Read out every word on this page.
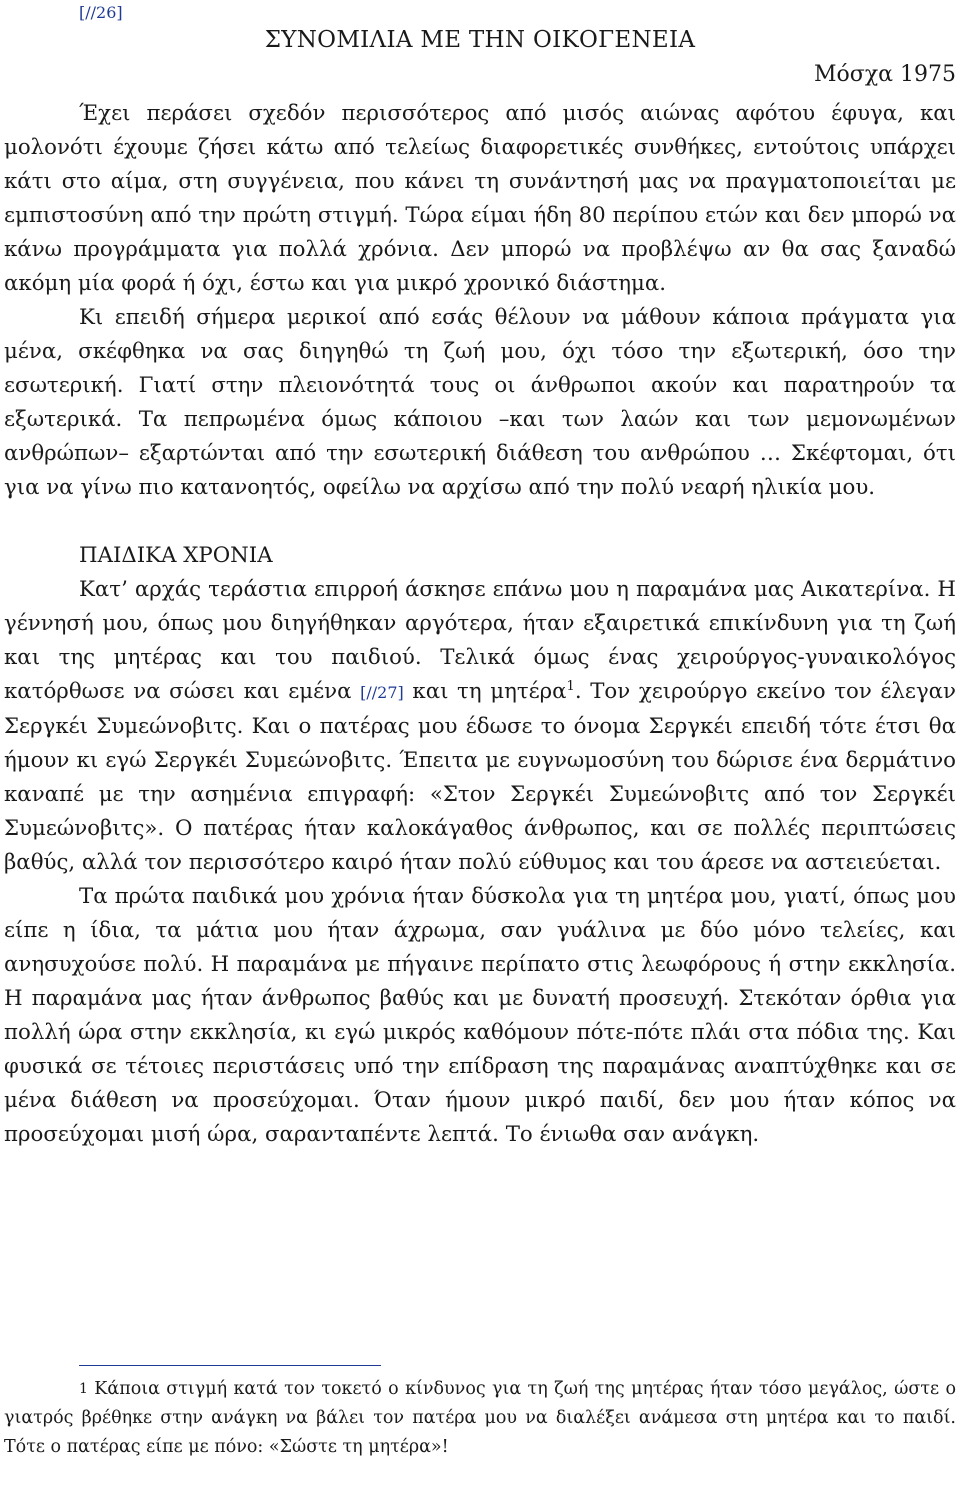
[//26]
ΣΥΝΟΜΙΛΙΑ ΜΕ ΤΗΝ ΟΙΚΟΓΕΝΕΙΑ
Μόσχα 1975

Έχει περάσει σχεδόν περισσότερος από μισός αιώνας αφότου έφυγα, και μολονότι έχουμε ζήσει κάτω από τελείως διαφορετικές συνθήκες, εντούτοις υπάρχει κάτι στο αίμα, στη συγγένεια, που κάνει τη συνάντησή μας να πραγματοποιείται με εμπιστοσύνη από την πρώτη στιγμή. Τώρα είμαι ήδη 80 περίπου ετών και δεν μπορώ να κάνω προγράμματα για πολλά χρόνια. Δεν μπορώ να προβλέψω αν θα σας ξαναδώ ακόμη μία φορά ή όχι, έστω και για μικρό χρονικό διάστημα.

Κι επειδή σήμερα μερικοί από εσάς θέλουν να μάθουν κάποια πράγματα για μένα, σκέφθηκα να σας διηγηθώ τη ζωή μου, όχι τόσο την εξωτερική, όσο την εσωτερική. Γιατί στην πλειονότητά τους οι άνθρωποι ακούν και παρατηρούν τα εξωτερικά. Τα πεπρωμένα όμως κάποιου –και των λαών και των μεμονωμένων ανθρώπων– εξαρτώνται από την εσωτερική διάθεση του ανθρώπου … Σκέφτομαι, ότι για να γίνω πιο κατανοητός, οφείλω να αρχίσω από την πολύ νεαρή ηλικία μου.

ΠΑΙΔΙΚΑ ΧΡΟΝΙΑ

Κατ’ αρχάς τεράστια επιρροή άσκησε επάνω μου η παραμάνα μας Αικατερίνα. Η γέννησή μου, όπως μου διηγήθηκαν αργότερα, ήταν εξαιρετικά επικίνδυνη για τη ζωή και της μητέρας και του παιδιού. Τελικά όμως ένας χειρούργος-γυναικολόγος κατόρθωσε να σώσει και εμένα [//27] και τη μητέρα$^1$. Τον χειρούργο εκείνο τον έλεγαν Σεργκέι Συμεώνοβιτς. Και ο πατέρας μου έδωσε το όνομα Σεργκέι επειδή τότε έτσι θα ήμουν κι εγώ Σεργκέι Συμεώνοβιτς. Έπειτα με ευγνωμοσύνη του δώρισε ένα δερμάτινο καναπέ με την ασημένια επιγραφή: «Στον Σεργκέι Συμεώνοβιτς από τον Σεργκέι Συμεώνοβιτς». Ο πατέρας ήταν καλοκάγαθος άνθρωπος, και σε πολλές περιπτώσεις βαθύς, αλλά τον περισσότερο καιρό ήταν πολύ εύθυμος και του άρεσε να αστειεύεται.

Τα πρώτα παιδικά μου χρόνια ήταν δύσκολα για τη μητέρα μου, γιατί, όπως μου είπε η ίδια, τα μάτια μου ήταν άχρωμα, σαν γυάλινα με δύο μόνο τελείες, και ανησυχούσε πολύ. Η παραμάνα με πήγαινε περίπατο στις λεωφόρους ή στην εκκλησία. Η παραμάνα μας ήταν άνθρωπος βαθύς και με δυνατή προσευχή. Στεκόταν όρθια για πολλή ώρα στην εκκλησία, κι εγώ μικρός καθόμουν πότε-πότε πλάι στα πόδια της. Και φυσικά σε τέτοιες περιστάσεις υπό την επίδραση της παραμάνας αναπτύχθηκε και σε μένα διάθεση να προσεύχομαι. Όταν ήμουν μικρό παιδί, δεν μου ήταν κόπος να προσεύχομαι μισή ώρα, σαρανταπέντε λεπτά. Το ένιωθα σαν ανάγκη.

$^1$ Κάποια στιγμή κατά τον τοκετό ο κίνδυνος για τη ζωή της μητέρας ήταν τόσο μεγάλος, ώστε ο γιατρός βρέθηκε στην ανάγκη να βάλει τον πατέρα μου να διαλέξει ανάμεσα στη μητέρα και το παιδί. Τότε ο πατέρας είπε με πόνο: «Σώστε τη μητέρα»!
